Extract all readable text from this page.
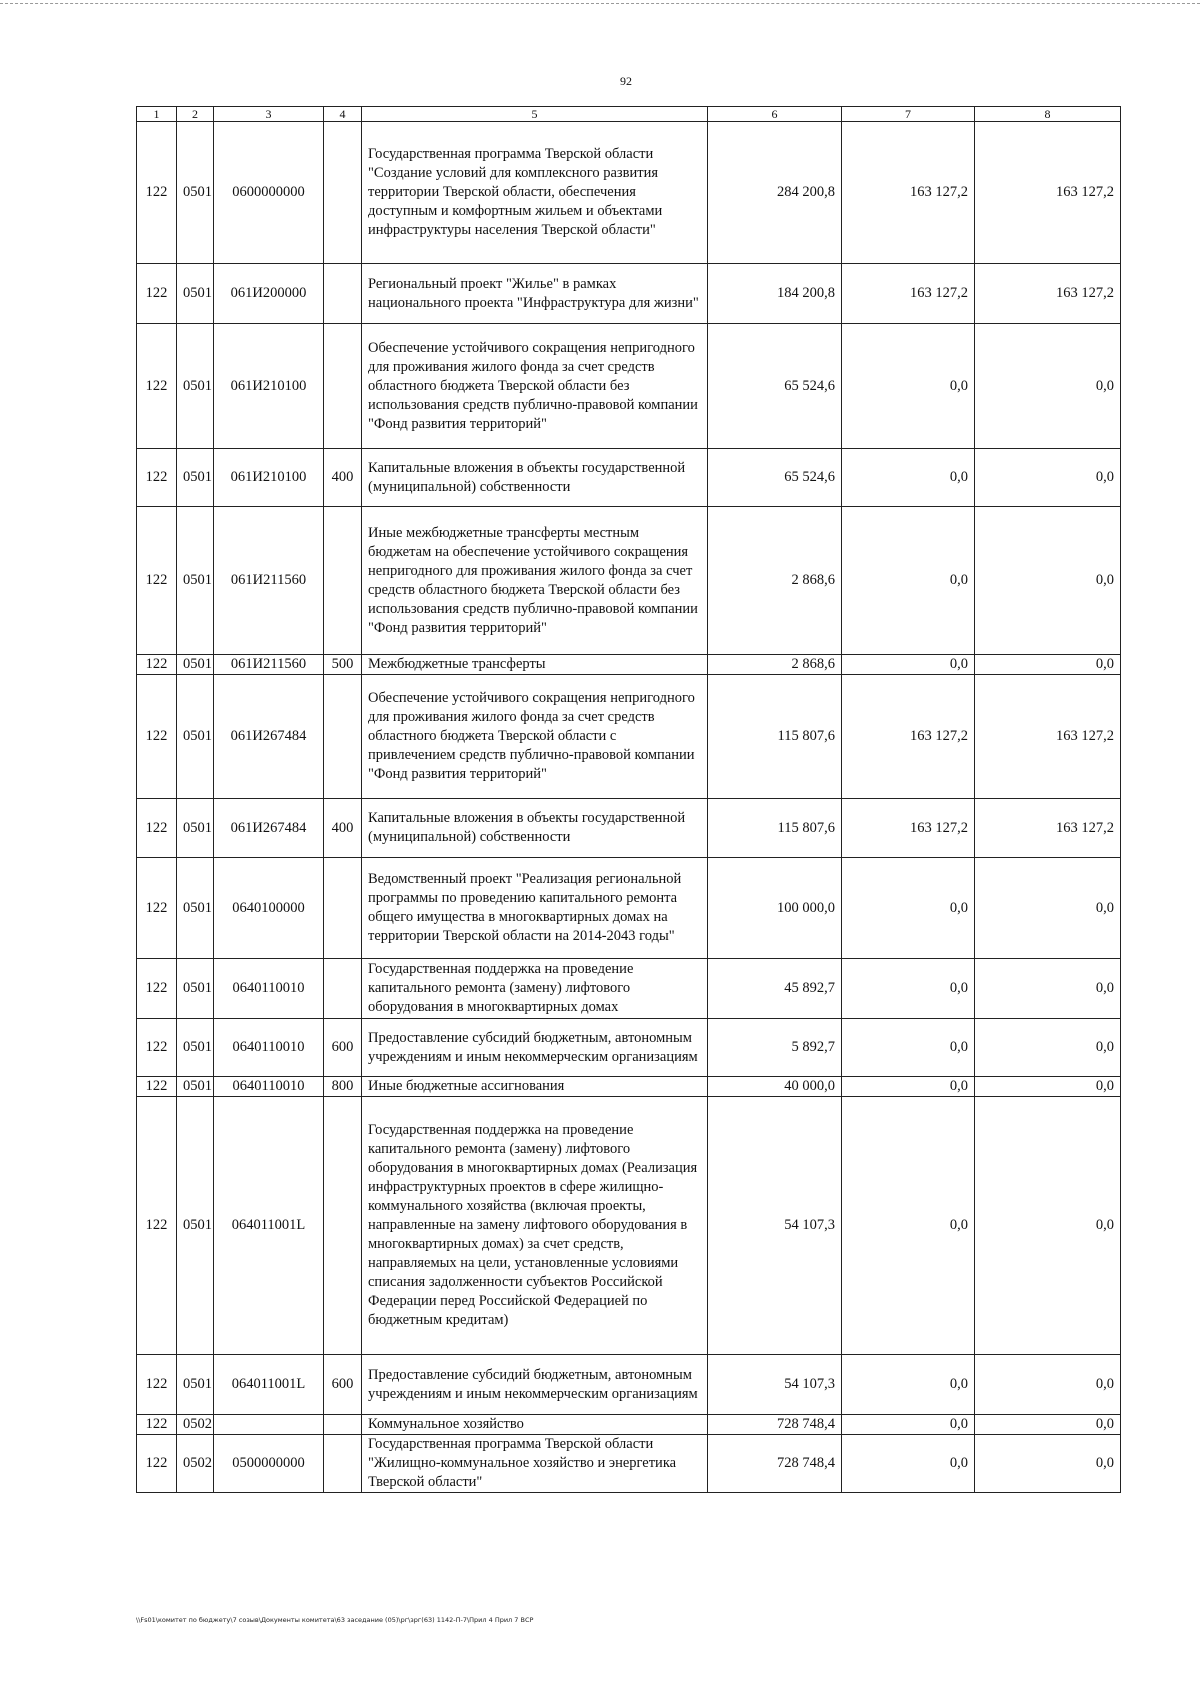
92
1	2	3	4	5	6	7	8
122	0501	0600000000		Государственная программа Тверской области "Создание условий для комплексного развития территории Тверской области, обеспечения доступным и комфортным жильем и объектами инфраструктуры населения Тверской области"	284 200,8	163 127,2	163 127,2
122	0501	061И200000		Региональный проект "Жилье" в рамках национального проекта "Инфраструктура для жизни"	184 200,8	163 127,2	163 127,2
122	0501	061И210100		Обеспечение устойчивого сокращения непригодного для проживания жилого фонда за счет средств областного бюджета Тверской области без использования средств публично-правовой компании "Фонд развития территорий"	65 524,6	0,0	0,0
122	0501	061И210100	400	Капитальные вложения в объекты государственной (муниципальной) собственности	65 524,6	0,0	0,0
122	0501	061И211560		Иные межбюджетные трансферты местным бюджетам на обеспечение устойчивого сокращения непригодного для проживания жилого фонда за счет средств областного бюджета Тверской области без использования средств публично-правовой компании "Фонд развития территорий"	2 868,6	0,0	0,0
122	0501	061И211560	500	Межбюджетные трансферты	2 868,6	0,0	0,0
122	0501	061И267484		Обеспечение устойчивого сокращения непригодного для проживания жилого фонда за счет средств областного бюджета Тверской области с привлечением средств публично-правовой компании "Фонд развития территорий"	115 807,6	163 127,2	163 127,2
122	0501	061И267484	400	Капитальные вложения в объекты государственной (муниципальной) собственности	115 807,6	163 127,2	163 127,2
122	0501	0640100000		Ведомственный проект "Реализация региональной программы по проведению капитального ремонта общего имущества в многоквартирных домах на территории Тверской области на 2014-2043 годы"	100 000,0	0,0	0,0
122	0501	0640110010		Государственная поддержка на проведение капитального ремонта (замену) лифтового оборудования в многоквартирных домах	45 892,7	0,0	0,0
122	0501	0640110010	600	Предоставление субсидий бюджетным, автономным учреждениям и иным некоммерческим организациям	5 892,7	0,0	0,0
122	0501	0640110010	800	Иные бюджетные ассигнования	40 000,0	0,0	0,0
122	0501	064011001L		Государственная поддержка на проведение капитального ремонта (замену) лифтового оборудования в многоквартирных домах (Реализация инфраструктурных проектов в сфере жилищно-коммунального хозяйства (включая проекты, направленные на замену лифтового оборудования в многоквартирных домах) за счет средств, направляемых на цели, установленные условиями списания задолженности субъектов Российской Федерации перед Российской Федерацией по бюджетным кредитам)	54 107,3	0,0	0,0
122	0501	064011001L	600	Предоставление субсидий бюджетным, автономным учреждениям и иным некоммерческим организациям	54 107,3	0,0	0,0
122	0502			Коммунальное хозяйство	728 748,4	0,0	0,0
122	0502	0500000000		Государственная программа Тверской области "Жилищно-коммунальное хозяйство и энергетика Тверской области"	728 748,4	0,0	0,0
\\Fs01\комитет по бюджету\7 созыв\Документы комитета\63 заседание (05)\рг\зрг(63) 1142-П-7\Прил 4 Прил 7 ВСР
